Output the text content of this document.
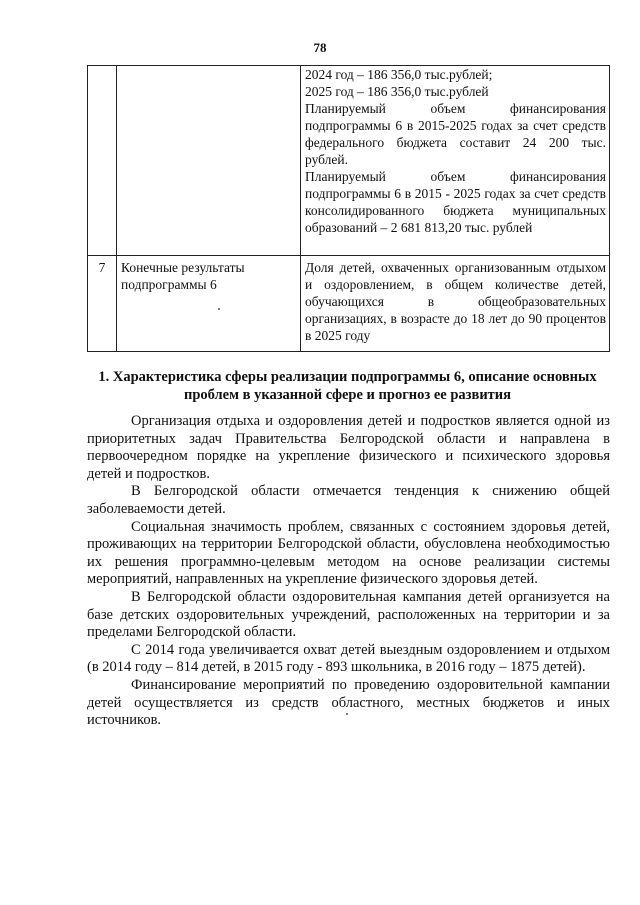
78

		2024 год – 186 356,0 тыс.рублей;
2025 год – 186 356,0 тыс.рублей
Планируемый объем финансирования подпрограммы 6 в 2015-2025 годах за счет средств федерального бюджета составит 24 200 тыс. рублей.
Планируемый объем финансирования подпрограммы 6 в 2015 - 2025 годах за счет средств консолидированного бюджета муниципальных образований – 2 681 813,20 тыс. рублей

7	Конечные результаты подпрограммы 6	Доля детей, охваченных организованным отдыхом и оздоровлением, в общем количестве детей, обучающихся в общеобразовательных организациях, в возрасте до 18 лет до 90 процентов в 2025 году
1. Характеристика сферы реализации подпрограммы 6, описание основных проблем в указанной сфере и прогноз ее развития

Организация отдыха и оздоровления детей и подростков является одной из приоритетных задач Правительства Белгородской области и направлена в первоочередном порядке на укрепление физического и психического здоровья детей и подростков.

В Белгородской области отмечается тенденция к снижению общей заболеваемости детей.

Социальная значимость проблем, связанных с состоянием здоровья детей, проживающих на территории Белгородской области, обусловлена необходимостью их решения программно-целевым методом на основе реализации системы мероприятий, направленных на укрепление физического здоровья детей.

В Белгородской области оздоровительная кампания детей организуется на базе детских оздоровительных учреждений, расположенных на территории и за пределами Белгородской области.

С 2014 года увеличивается охват детей выездным оздоровлением и отдыхом (в 2014 году – 814 детей, в 2015 году - 893 школьника, в 2016 году – 1875 детей).

Финансирование мероприятий по проведению оздоровительной кампании детей осуществляется из средств областного, местных бюджетов и иных источников.
